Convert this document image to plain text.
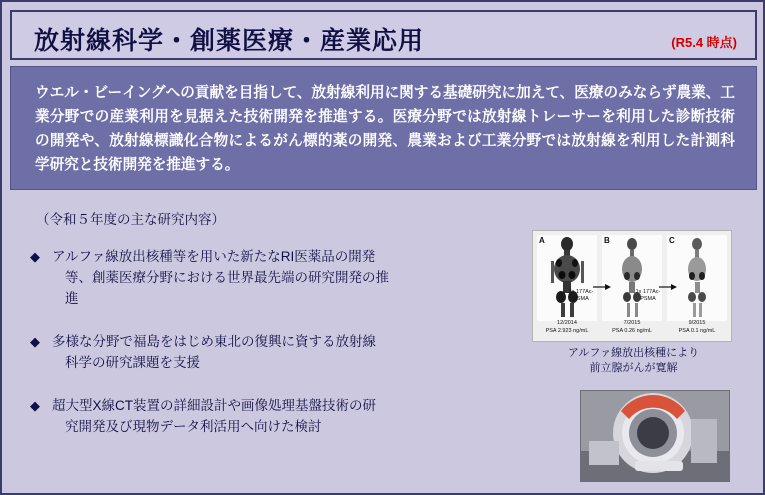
放射線科学・創薬医療・産業応用	(R5.4 時点)
ウエル・ビーイングへの貢献を目指して、放射線利用に関する基礎研究に加えて、医療のみならず農業、工業分野での産業利用を見据えた技術開発を推進する。医療分野では放射線トレーサーを利用した診断技術の開発や、放射線標識化合物によるがん標的薬の開発、農業および工業分野では放射線を利用した計測科学研究と技術開発を推進する。
（令和５年度の主な研究内容）
◆ アルファ線放出核種等を用いた新たなRI医薬品の開発
等、創薬医療分野における世界最先端の研究開発の推
進
◆ 多様な分野で福島をはじめ東北の復興に資する放射線
科学の研究課題を支援
◆ 超大型X線CT装置の詳細設計や画像処理基盤技術の研
究開発及び現物データ利活用へ向けた検討
A	B	C
3x 177Ac-PSMA
1x 177Ac-PSMA
12/2014
PSA 2.923 ng/mL
7/2015
PSA 0.26 ng/mL
9/2015
PSA 0.1 ng/mL
アルファ線放出核種により
前立腺がんが寛解
